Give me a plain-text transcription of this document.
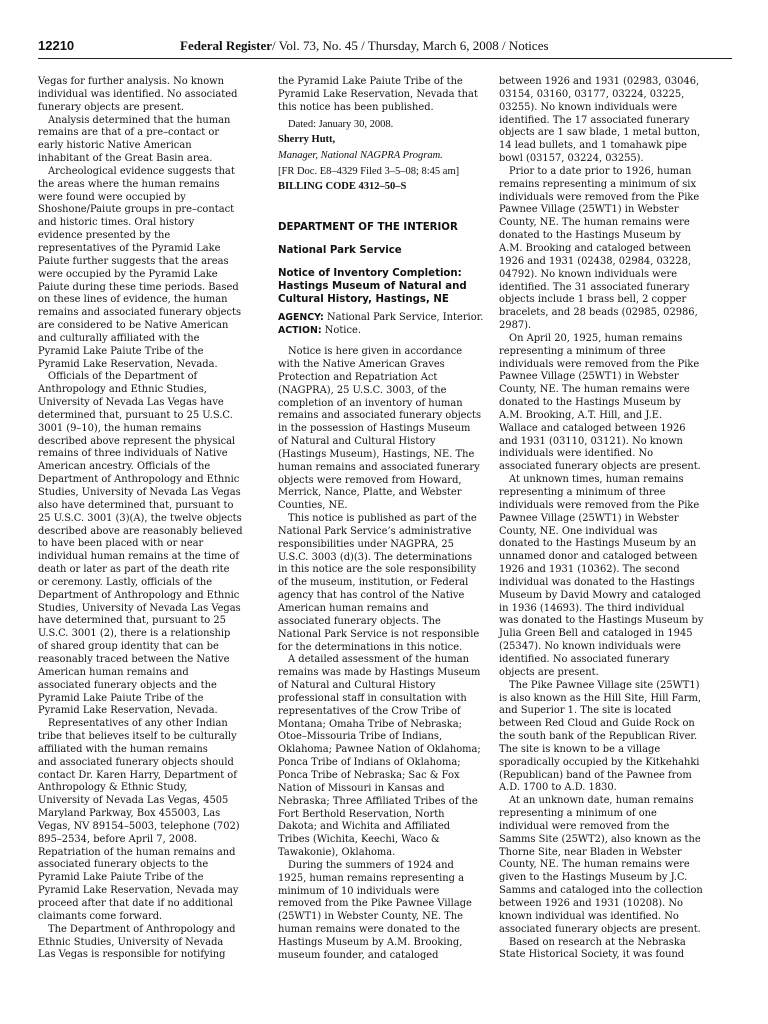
12210	Federal Register/ Vol. 73, No. 45 / Thursday, March 6, 2008 / Notices

Vegas for further analysis. No known

individual was identified. No associated

funerary objects are present.

Analysis determined that the human

remains are that of a pre–contact or

early historic Native American

inhabitant of the Great Basin area.

Archeological evidence suggests that

the areas where the human remains

were found were occupied by

Shoshone/Paiute groups in pre–contact

and historic times. Oral history

evidence presented by the

representatives of the Pyramid Lake

Paiute further suggests that the areas

were occupied by the Pyramid Lake

Paiute during these time periods. Based

on these lines of evidence, the human

remains and associated funerary objects

are considered to be Native American

and culturally affiliated with the

Pyramid Lake Paiute Tribe of the

Pyramid Lake Reservation, Nevada.

Officials of the Department of

Anthropology and Ethnic Studies,

University of Nevada Las Vegas have

determined that, pursuant to 25 U.S.C.

3001 (9–10), the human remains

described above represent the physical

remains of three individuals of Native

American ancestry. Officials of the

Department of Anthropology and Ethnic

Studies, University of Nevada Las Vegas

also have determined that, pursuant to

25 U.S.C. 3001 (3)(A), the twelve objects

described above are reasonably believed

to have been placed with or near

individual human remains at the time of

death or later as part of the death rite

or ceremony. Lastly, officials of the

Department of Anthropology and Ethnic

Studies, University of Nevada Las Vegas

have determined that, pursuant to 25

U.S.C. 3001 (2), there is a relationship

of shared group identity that can be

reasonably traced between the Native

American human remains and

associated funerary objects and the

Pyramid Lake Paiute Tribe of the

Pyramid Lake Reservation, Nevada.

Representatives of any other Indian

tribe that believes itself to be culturally

affiliated with the human remains

and associated funerary objects should

contact Dr. Karen Harry, Department of

Anthropology & Ethnic Study,

University of Nevada Las Vegas, 4505

Maryland Parkway, Box 455003, Las

Vegas, NV 89154–5003, telephone (702)

895–2534, before April 7, 2008.

Repatriation of the human remains and

associated funerary objects to the

Pyramid Lake Paiute Tribe of the

Pyramid Lake Reservation, Nevada may

proceed after that date if no additional

claimants come forward.

The Department of Anthropology and

Ethnic Studies, University of Nevada

Las Vegas is responsible for notifying

the Pyramid Lake Paiute Tribe of the

Pyramid Lake Reservation, Nevada that

this notice has been published.

Dated: January 30, 2008.

Sherry Hutt,

Manager, National NAGPRA Program.

[FR Doc. E8–4329 Filed 3–5–08; 8:45 am]

BILLING CODE 4312–50–S

DEPARTMENT OF THE INTERIOR

National Park Service

Notice of Inventory Completion:

Hastings Museum of Natural and

Cultural History, Hastings, NE

AGENCY: National Park Service, Interior.

ACTION: Notice.

Notice is here given in accordance

with the Native American Graves

Protection and Repatriation Act

(NAGPRA), 25 U.S.C. 3003, of the

completion of an inventory of human

remains and associated funerary objects

in the possession of Hastings Museum

of Natural and Cultural History

(Hastings Museum), Hastings, NE. The

human remains and associated funerary

objects were removed from Howard,

Merrick, Nance, Platte, and Webster

Counties, NE.

This notice is published as part of the

National Park Service’s administrative

responsibilities under NAGPRA, 25

U.S.C. 3003 (d)(3). The determinations

in this notice are the sole responsibility

of the museum, institution, or Federal

agency that has control of the Native

American human remains and

associated funerary objects. The

National Park Service is not responsible

for the determinations in this notice.

A detailed assessment of the human

remains was made by Hastings Museum

of Natural and Cultural History

professional staff in consultation with

representatives of the Crow Tribe of

Montana; Omaha Tribe of Nebraska;

Otoe–Missouria Tribe of Indians,

Oklahoma; Pawnee Nation of Oklahoma;

Ponca Tribe of Indians of Oklahoma;

Ponca Tribe of Nebraska; Sac & Fox

Nation of Missouri in Kansas and

Nebraska; Three Affiliated Tribes of the

Fort Berthold Reservation, North

Dakota; and Wichita and Affiliated

Tribes (Wichita, Keechi, Waco &

Tawakonie), Oklahoma.

During the summers of 1924 and

1925, human remains representing a

minimum of 10 individuals were

removed from the Pike Pawnee Village

(25WT1) in Webster County, NE. The

human remains were donated to the

Hastings Museum by A.M. Brooking,

museum founder, and cataloged

between 1926 and 1931 (02983, 03046,

03154, 03160, 03177, 03224, 03225,

03255). No known individuals were

identified. The 17 associated funerary

objects are 1 saw blade, 1 metal button,

14 lead bullets, and 1 tomahawk pipe

bowl (03157, 03224, 03255).

Prior to a date prior to 1926, human

remains representing a minimum of six

individuals were removed from the Pike

Pawnee Village (25WT1) in Webster

County, NE. The human remains were

donated to the Hastings Museum by

A.M. Brooking and cataloged between

1926 and 1931 (02438, 02984, 03228,

04792). No known individuals were

identified. The 31 associated funerary

objects include 1 brass bell, 2 copper

bracelets, and 28 beads (02985, 02986,

2987).

On April 20, 1925, human remains

representing a minimum of three

individuals were removed from the Pike

Pawnee Village (25WT1) in Webster

County, NE. The human remains were

donated to the Hastings Museum by

A.M. Brooking, A.T. Hill, and J.E.

Wallace and cataloged between 1926

and 1931 (03110, 03121). No known

individuals were identified. No

associated funerary objects are present.

At unknown times, human remains

representing a minimum of three

individuals were removed from the Pike

Pawnee Village (25WT1) in Webster

County, NE. One individual was

donated to the Hastings Museum by an

unnamed donor and cataloged between

1926 and 1931 (10362). The second

individual was donated to the Hastings

Museum by David Mowry and cataloged

in 1936 (14693). The third individual

was donated to the Hastings Museum by

Julia Green Bell and cataloged in 1945

(25347). No known individuals were

identified. No associated funerary

objects are present.

The Pike Pawnee Village site (25WT1)

is also known as the Hill Site, Hill Farm,

and Superior 1. The site is located

between Red Cloud and Guide Rock on

the south bank of the Republican River.

The site is known to be a village

sporadically occupied by the Kitkehahki

(Republican) band of the Pawnee from

A.D. 1700 to A.D. 1830.

At an unknown date, human remains

representing a minimum of one

individual were removed from the

Samms Site (25WT2), also known as the

Thorne Site, near Bladen in Webster

County, NE. The human remains were

given to the Hastings Museum by J.C.

Samms and cataloged into the collection

between 1926 and 1931 (10208). No

known individual was identified. No

associated funerary objects are present.

Based on research at the Nebraska

State Historical Society, it was found
